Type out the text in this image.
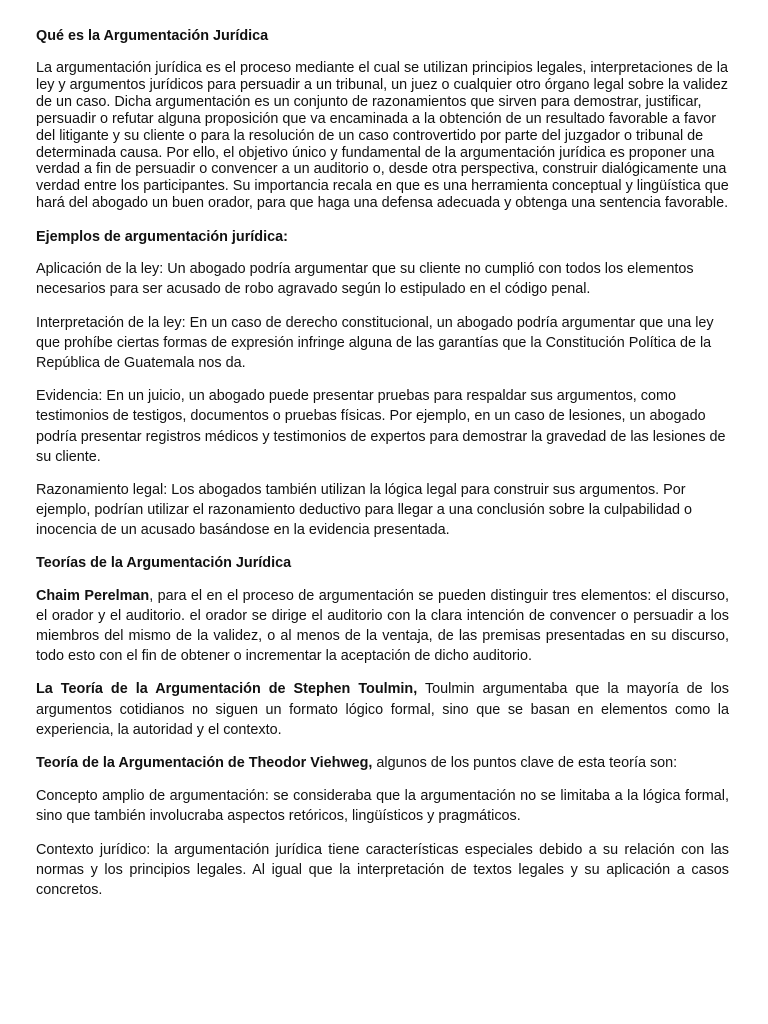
Qué es la Argumentación Jurídica

La argumentación jurídica es el proceso mediante el cual se utilizan principios legales, interpretaciones de la ley y argumentos jurídicos para persuadir a un tribunal, un juez o cualquier otro órgano legal sobre la validez de un caso. Dicha argumentación es un conjunto de razonamientos que sirven para demostrar, justificar, persuadir o refutar alguna proposición que va encaminada a la obtención de un resultado favorable a favor del litigante y su cliente o para la resolución de un caso controvertido por parte del juzgador o tribunal de determinada causa. Por ello, el objetivo único y fundamental de la argumentación jurídica es proponer una verdad a fin de persuadir o convencer a un auditorio o, desde otra perspectiva, construir dialógicamente una verdad entre los participantes. Su importancia recala en que es una herramienta conceptual y lingüística que hará del abogado un buen orador, para que haga una defensa adecuada y obtenga una sentencia favorable.

Ejemplos de argumentación jurídica:

Aplicación de la ley: Un abogado podría argumentar que su cliente no cumplió con todos los elementos necesarios para ser acusado de robo agravado según lo estipulado en el código penal.

Interpretación de la ley: En un caso de derecho constitucional, un abogado podría argumentar que una ley que prohíbe ciertas formas de expresión infringe alguna de las garantías que la Constitución Política de la República de Guatemala nos da.

Evidencia: En un juicio, un abogado puede presentar pruebas para respaldar sus argumentos, como testimonios de testigos, documentos o pruebas físicas. Por ejemplo, en un caso de lesiones, un abogado podría presentar registros médicos y testimonios de expertos para demostrar la gravedad de las lesiones de su cliente.

Razonamiento legal: Los abogados también utilizan la lógica legal para construir sus argumentos. Por ejemplo, podrían utilizar el razonamiento deductivo para llegar a una conclusión sobre la culpabilidad o inocencia de un acusado basándose en la evidencia presentada.

Teorías de la Argumentación Jurídica

Chaim Perelman, para el en el proceso de argumentación se pueden distinguir tres elementos: el discurso, el orador y el auditorio. el orador se dirige el auditorio con la clara intención de convencer o persuadir a los miembros del mismo de la validez, o al menos de la ventaja, de las premisas presentadas en su discurso, todo esto con el fin de obtener o incrementar la aceptación de dicho auditorio.

La Teoría de la Argumentación de Stephen Toulmin, Toulmin argumentaba que la mayoría de los argumentos cotidianos no siguen un formato lógico formal, sino que se basan en elementos como la experiencia, la autoridad y el contexto.

Teoría de la Argumentación de Theodor Viehweg, algunos de los puntos clave de esta teoría son:

Concepto amplio de argumentación: se consideraba que la argumentación no se limitaba a la lógica formal, sino que también involucraba aspectos retóricos, lingüísticos y pragmáticos.

Contexto jurídico: la argumentación jurídica tiene características especiales debido a su relación con las normas y los principios legales. Al igual que la interpretación de textos legales y su aplicación a casos concretos.
